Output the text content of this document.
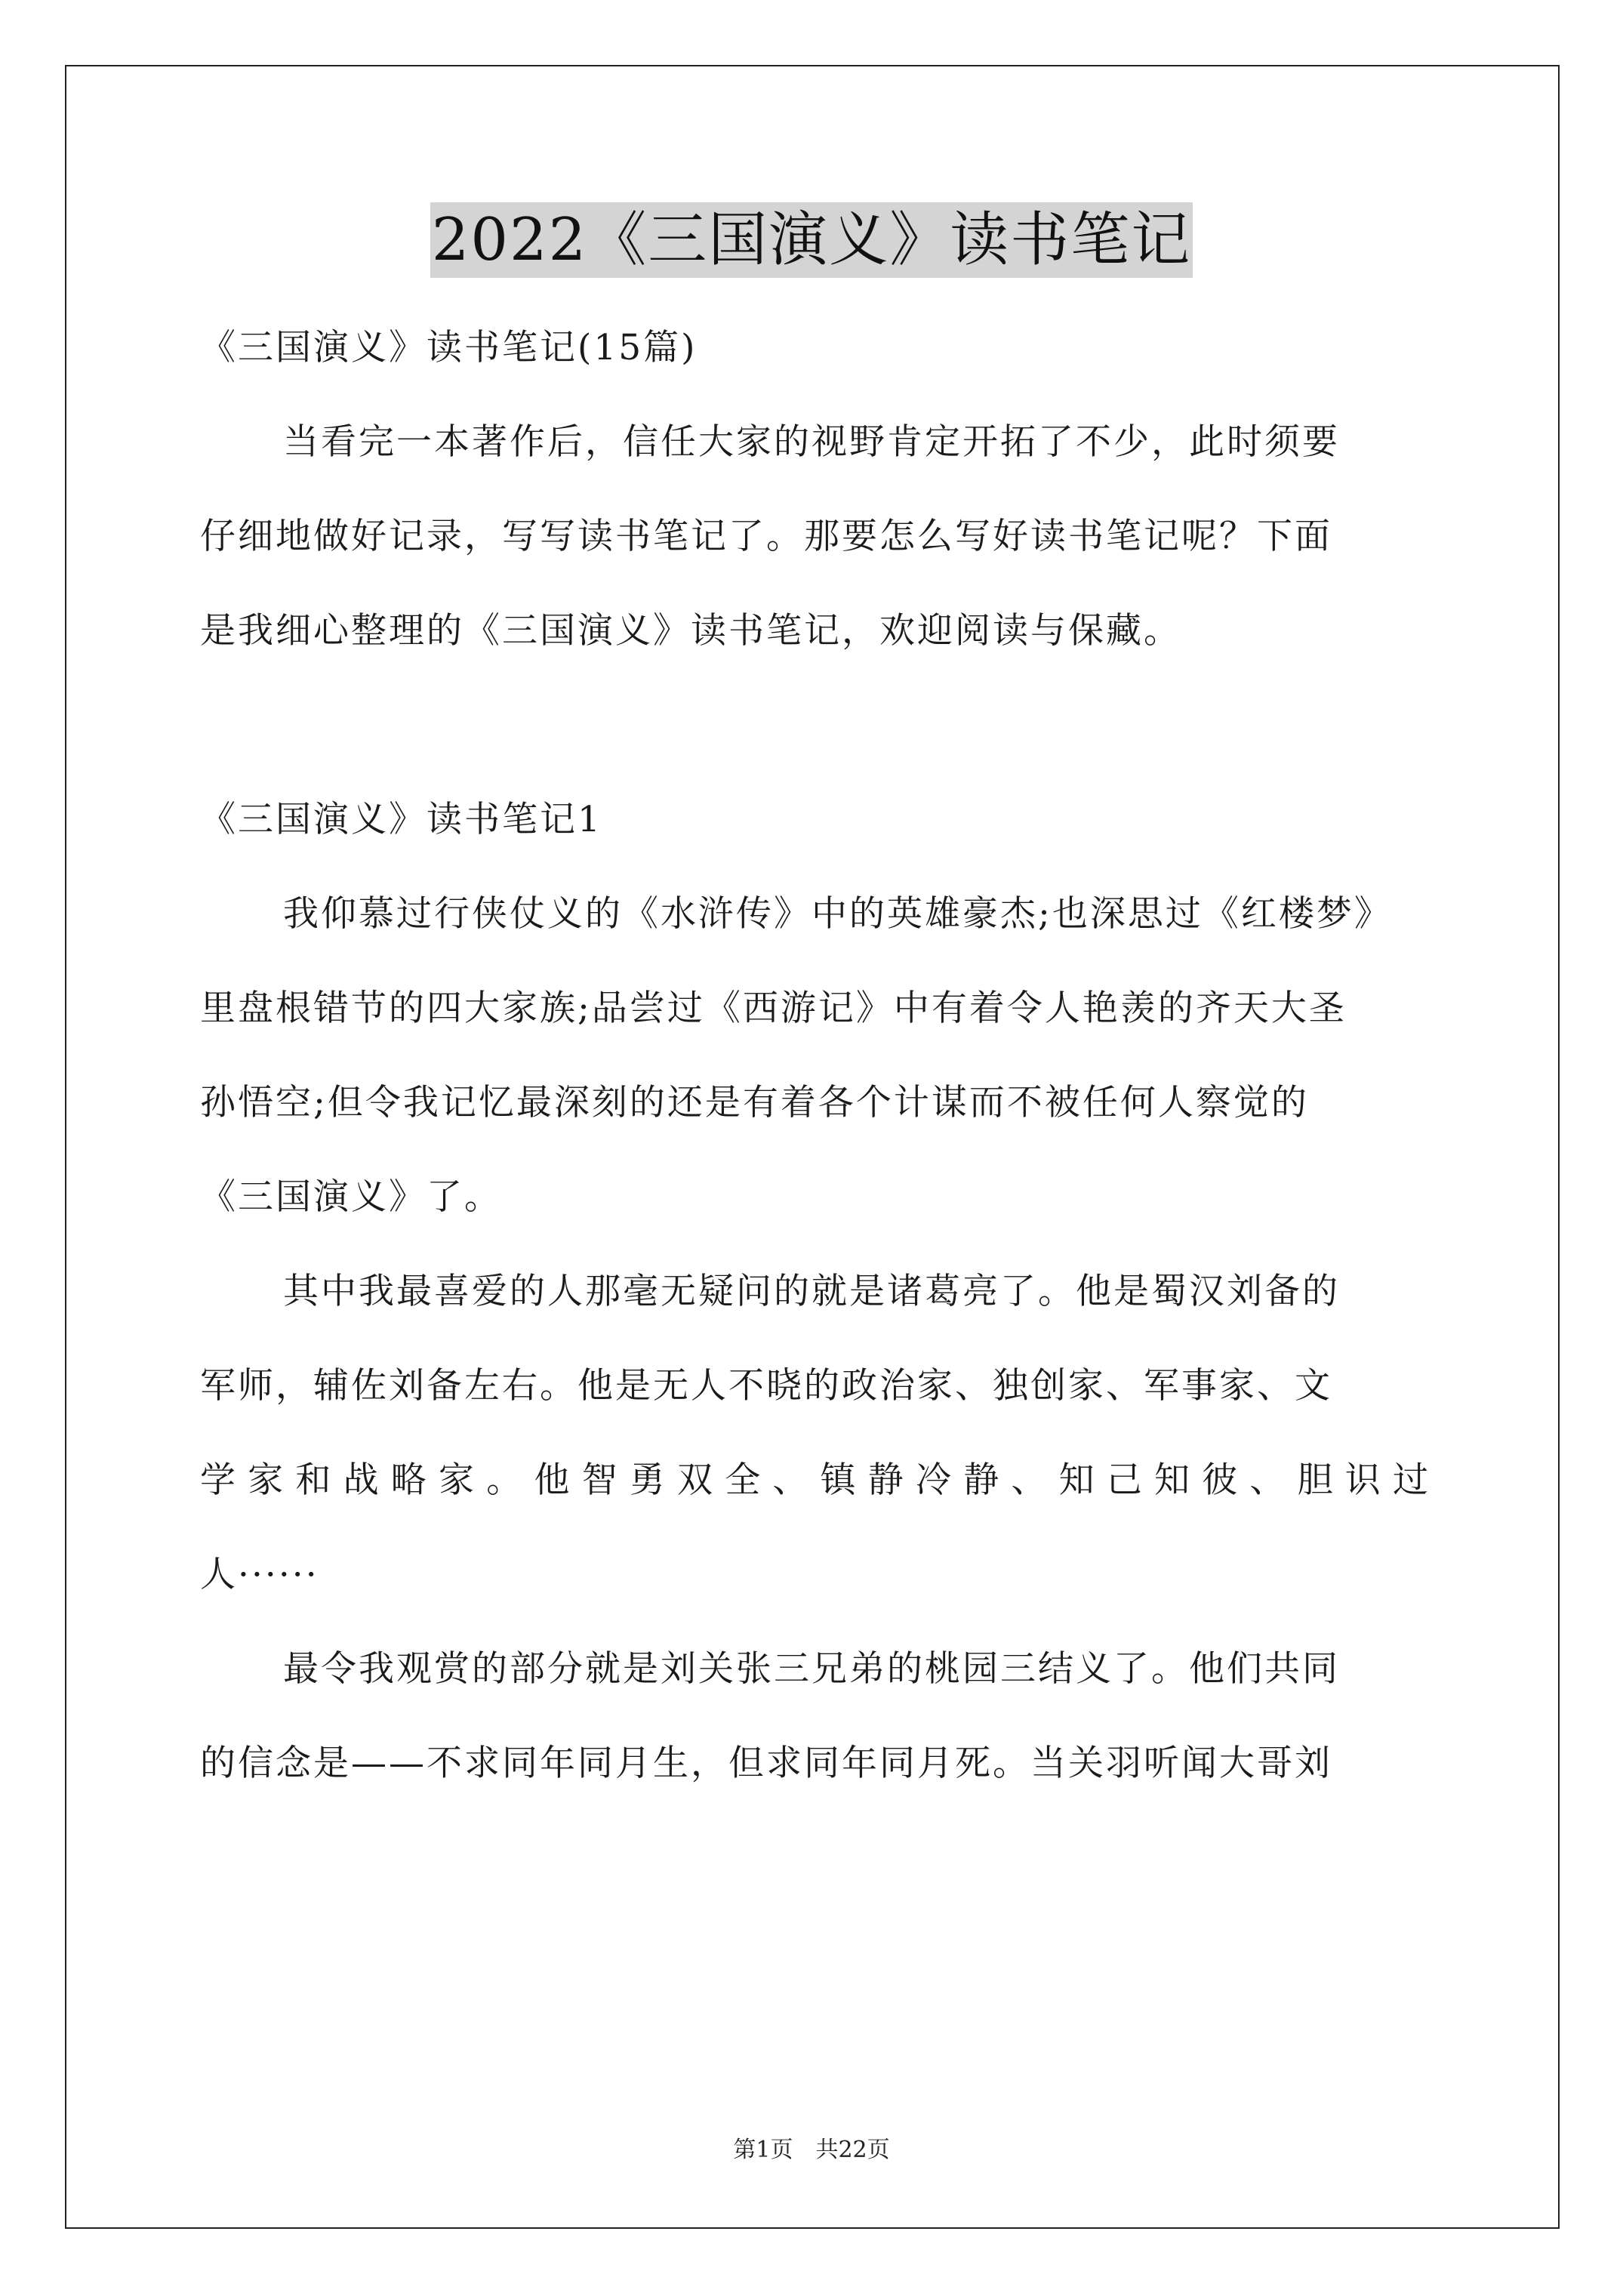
2022《三国演义》读书笔记
《三国演义》读书笔记(15篇)
当看完一本著作后，信任大家的视野肯定开拓了不少，此时须要
仔细地做好记录，写写读书笔记了。那要怎么写好读书笔记呢？下面
是我细心整理的《三国演义》读书笔记，欢迎阅读与保藏。
《三国演义》读书笔记1
我仰慕过行侠仗义的《水浒传》中的英雄豪杰;也深思过《红楼梦》
里盘根错节的四大家族;品尝过《西游记》中有着令人艳羡的齐天大圣
孙悟空;但令我记忆最深刻的还是有着各个计谋而不被任何人察觉的
《三国演义》了。
其中我最喜爱的人那毫无疑问的就是诸葛亮了。他是蜀汉刘备的
军师，辅佐刘备左右。他是无人不晓的政治家、独创家、军事家、文
学家和战略家。他智勇双全、镇静冷静、知己知彼、胆识过
人······
最令我观赏的部分就是刘关张三兄弟的桃园三结义了。他们共同
的信念是——不求同年同月生，但求同年同月死。当关羽听闻大哥刘
第1页　共22页
